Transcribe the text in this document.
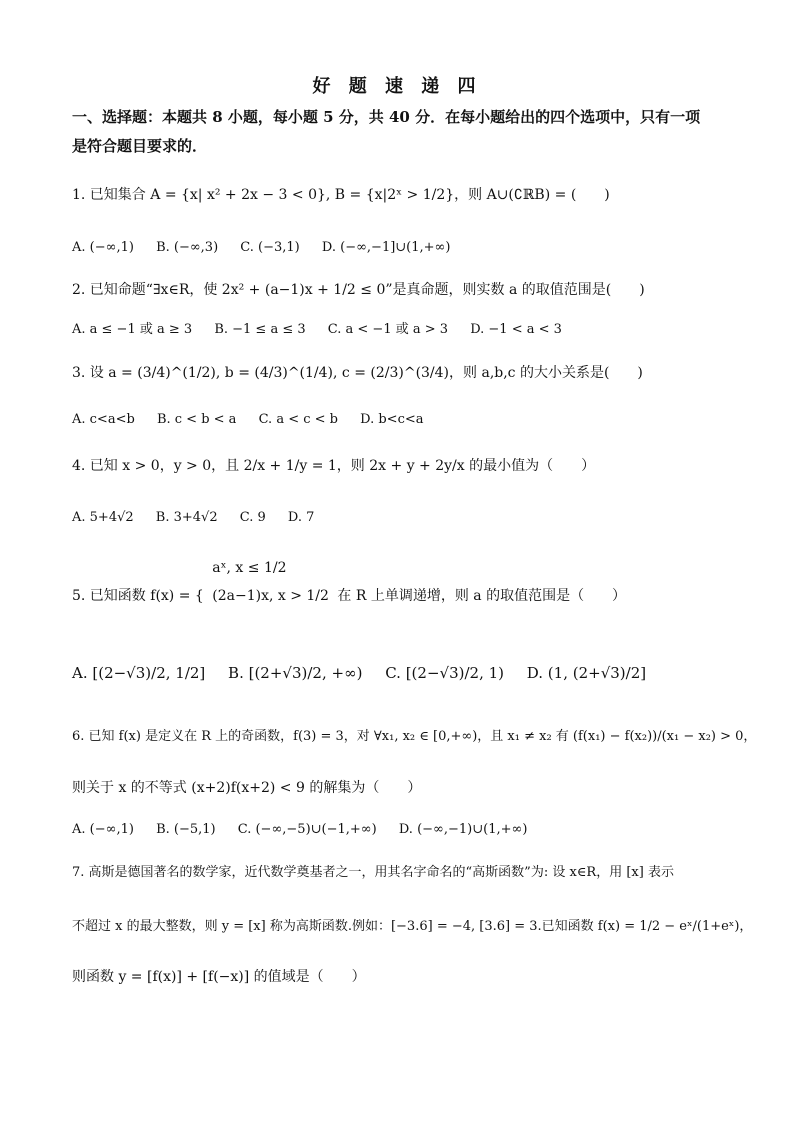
好 题 速 递 四
一、选择题：本题共 8 小题，每小题 5 分，共 40 分．在每小题给出的四个选项中，只有一项
是符合题目要求的．
1. 已知集合 A = {x| x² + 2x − 3 < 0}, B = {x|2ˣ > 1/2}，则 A∪(∁ℝB) = (　　)
A. (−∞,1) B. (−∞,3) C. (−3,1) D. (−∞,−1]∪(1,+∞)
2. 已知命题“∃x∈R，使 2x² + (a−1)x + 1/2 ≤ 0”是真命题，则实数 a 的取值范围是(　　)
A. a ≤ −1 或 a ≥ 3 B. −1 ≤ a ≤ 3 C. a < −1 或 a > 3 D. −1 < a < 3
3. 设 a = (3/4)^(1/2), b = (4/3)^(1/4), c = (2/3)^(3/4)，则 a,b,c 的大小关系是(　　)
A. c<a<b B. c < b < a C. a < c < b D. b<c<a
4. 已知 x > 0，y > 0，且 2/x + 1/y = 1，则 2x + y + 2y/x 的最小值为（　　）
A. 5+4√2 B. 3+4√2 C. 9 D. 7
5. 已知函数 f(x) = {
aˣ, x ≤ 1/2
(2a−1)x, x > 1/2 在 R 上单调递增，则 a 的取值范围是（　　）
A. [(2−√3)/2, 1/2] B. [(2+√3)/2, +∞) C. [(2−√3)/2, 1) D. (1, (2+√3)/2]
6. 已知 f(x) 是定义在 R 上的奇函数，f(3) = 3，对 ∀x₁, x₂ ∈ [0,+∞)，且 x₁ ≠ x₂ 有 (f(x₁) − f(x₂))/(x₁ − x₂) > 0，
则关于 x 的不等式 (x+2)f(x+2) < 9 的解集为（　　）
A. (−∞,1) B. (−5,1) C. (−∞,−5)∪(−1,+∞) D. (−∞,−1)∪(1,+∞)
7. 高斯是德国著名的数学家，近代数学奠基者之一，用其名字命名的“高斯函数”为: 设 x∈R，用 [x] 表示
不超过 x 的最大整数，则 y = [x] 称为高斯函数.例如：[−3.6] = −4, [3.6] = 3.已知函数 f(x) = 1/2 − eˣ/(1+eˣ)，
则函数 y = [f(x)] + [f(−x)] 的值域是（　　）
